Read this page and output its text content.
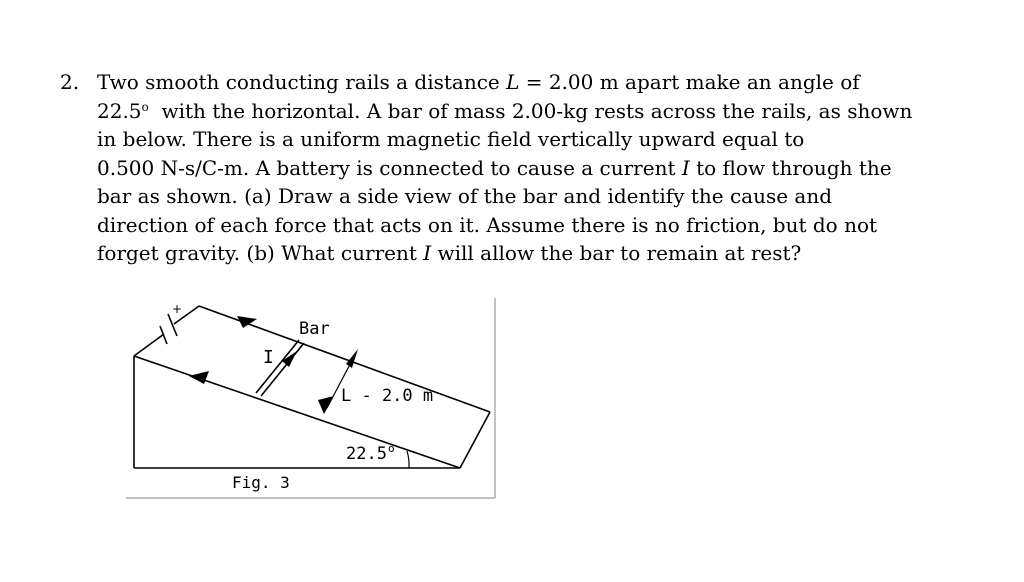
2. Two smooth conducting rails a distance L = 2.00 m apart make an angle of
22.5$^o$  with the horizontal. A bar of mass 2.00-kg rests across the rails, as shown
in below. There is a uniform magnetic field vertically upward equal to
0.500 N-s/C-m. A battery is connected to cause a current I to flow through the
bar as shown. (a) Draw a side view of the bar and identify the cause and
direction of each force that acts on it. Assume there is no friction, but do not
forget gravity. (b) What current I will allow the bar to remain at rest?
+
Bar
I
L - 2.0 m
22.5 o
Fig. 3
